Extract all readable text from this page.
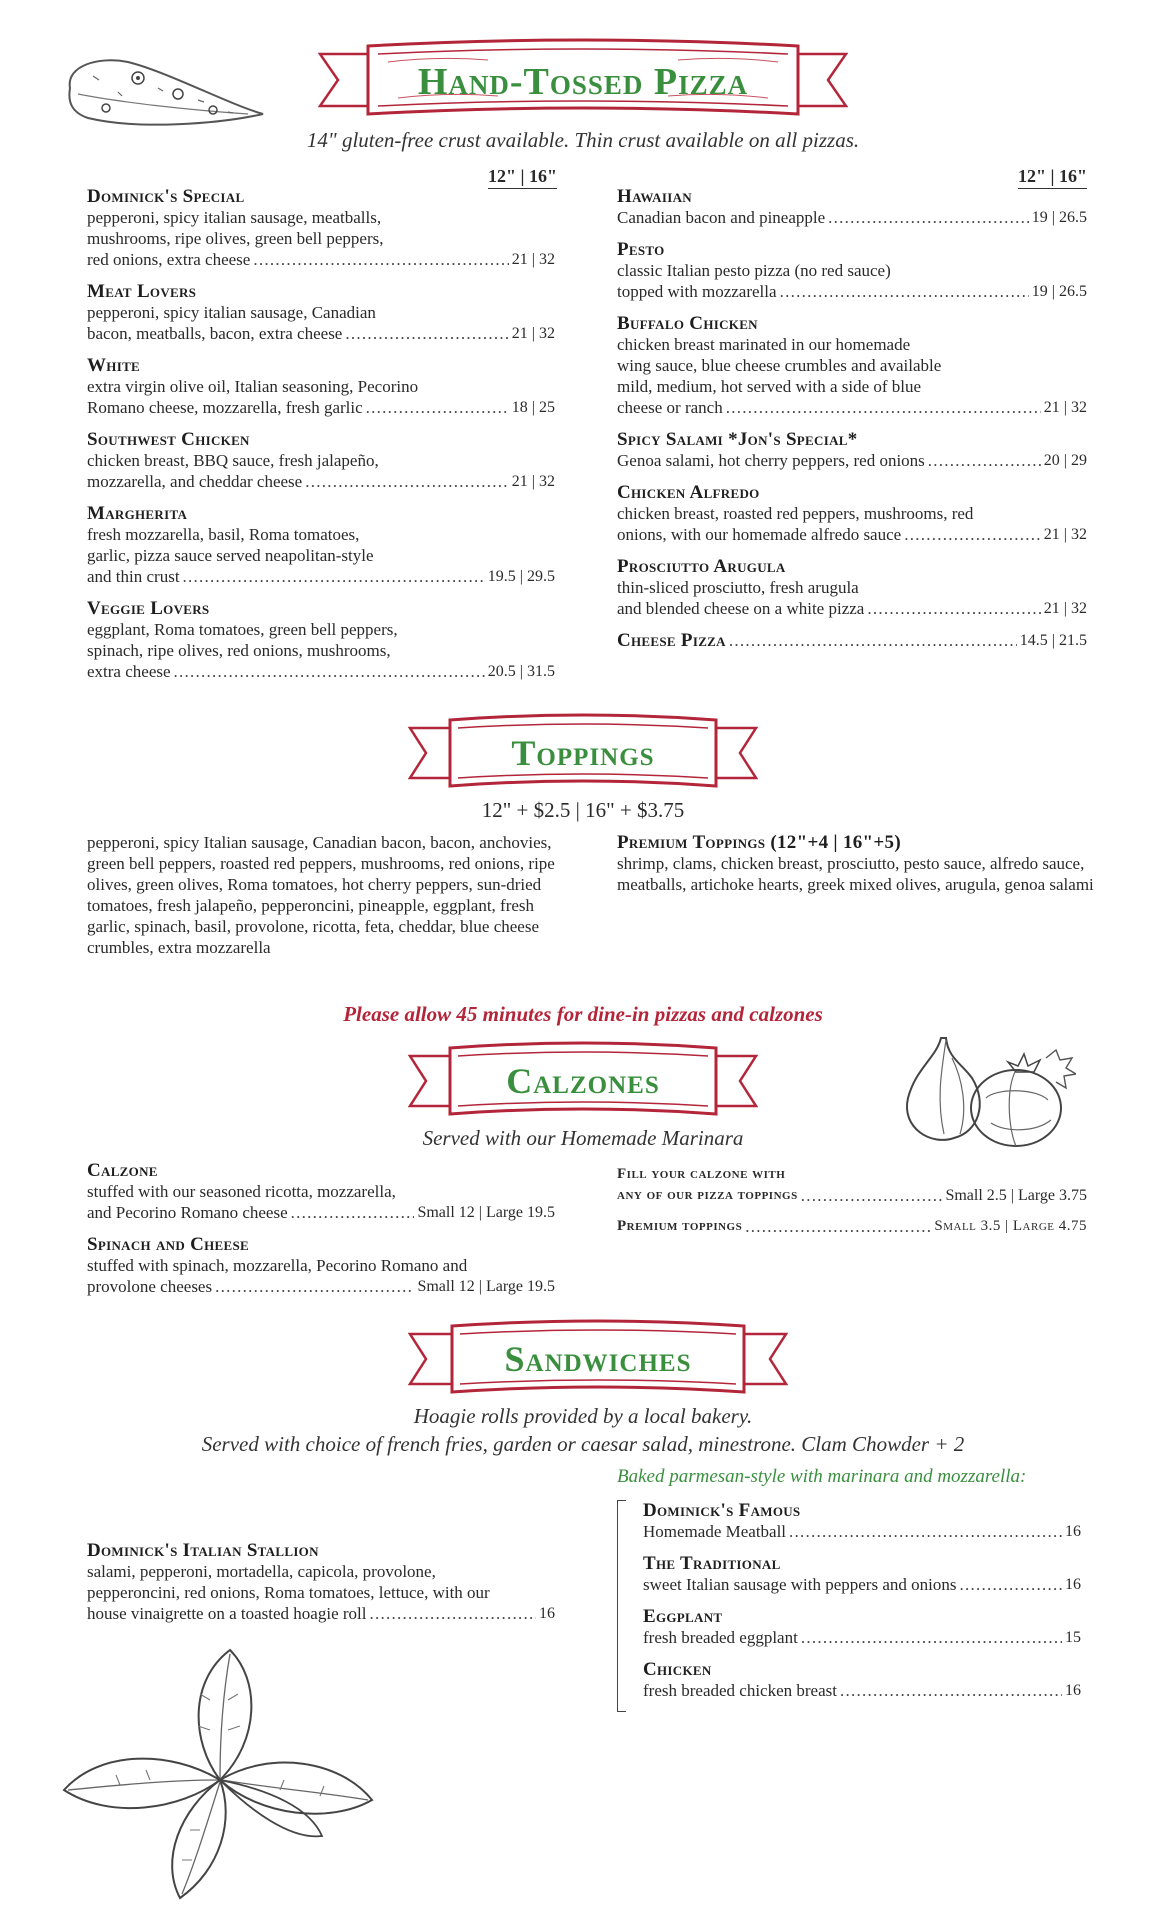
Hand-Tossed Pizza
14" gluten-free crust available. Thin crust available on all pizzas.
12" | 16"	12" | 16"
Dominick's Special
pepperoni, spicy italian sausage, meatballs,
mushrooms, ripe olives, green bell peppers,
red onions, extra cheese . . .	21 | 32
Meat Lovers
pepperoni, spicy italian sausage, Canadian
bacon, meatballs, bacon, extra cheese . . .	21 | 32
White
extra virgin olive oil, Italian seasoning, Pecorino
Romano cheese, mozzarella, fresh garlic . . .	18 | 25
Southwest Chicken
chicken breast, BBQ sauce, fresh jalapeño,
mozzarella, and cheddar cheese . . .	21 | 32
Margherita
fresh mozzarella, basil, Roma tomatoes,
garlic, pizza sauce served neapolitan-style
and thin crust . . .	19.5 | 29.5
Veggie Lovers
eggplant, Roma tomatoes, green bell peppers,
spinach, ripe olives, red onions, mushrooms,
extra cheese . . .	20.5 | 31.5
Hawaiian
Canadian bacon and pineapple . . .	19 | 26.5
Pesto
classic Italian pesto pizza (no red sauce)
topped with mozzarella . . .	19 | 26.5
Buffalo Chicken
chicken breast marinated in our homemade
wing sauce, blue cheese crumbles and available
mild, medium, hot served with a side of blue
cheese or ranch . . .	21 | 32
Spicy Salami *Jon's Special*
Genoa salami, hot cherry peppers, red onions . . .	20 | 29
Chicken Alfredo
chicken breast, roasted red peppers, mushrooms, red
onions, with our homemade alfredo sauce . . .	21 | 32
Prosciutto Arugula
thin-sliced prosciutto, fresh arugula
and blended cheese on a white pizza . . .	21 | 32
Cheese Pizza . . .	14.5 | 21.5
Toppings
12" + $2.5 | 16" + $3.75
pepperoni, spicy Italian sausage, Canadian bacon, bacon, anchovies, green bell peppers, roasted red peppers, mushrooms, red onions, ripe olives, green olives, Roma tomatoes, hot cherry peppers, sun-dried tomatoes, fresh jalapeño, pepperoncini, pineapple, eggplant, fresh garlic, spinach, basil, provolone, ricotta, feta, cheddar, blue cheese crumbles, extra mozzarella
Premium Toppings (12"+4 | 16"+5)
shrimp, clams, chicken breast, prosciutto, pesto sauce, alfredo sauce, meatballs, artichoke hearts, greek mixed olives, arugula, genoa salami
Please allow 45 minutes for dine-in pizzas and calzones
Calzones
Served with our Homemade Marinara
Calzone
stuffed with our seasoned ricotta, mozzarella,
and Pecorino Romano cheese . . .	Small 12 | Large 19.5
Spinach and Cheese
stuffed with spinach, mozzarella, Pecorino Romano and
provolone cheeses . . .	Small 12 | Large 19.5
Fill your calzone with
any of our pizza toppings . . .	Small 2.5 | Large 3.75
Premium toppings . . .	Small 3.5 | Large 4.75
Sandwiches
Hoagie rolls provided by a local bakery.
Served with choice of french fries, garden or caesar salad, minestrone. Clam Chowder + 2
Baked parmesan-style with marinara and mozzarella:
Dominick's Italian Stallion
salami, pepperoni, mortadella, capicola, provolone,
pepperoncini, red onions, Roma tomatoes, lettuce, with our
house vinaigrette on a toasted hoagie roll . . .	16
Dominick's Famous
Homemade Meatball . . .	16
The Traditional
sweet Italian sausage with peppers and onions . . .	16
Eggplant
fresh breaded eggplant . . .	15
Chicken
fresh breaded chicken breast . . .	16
